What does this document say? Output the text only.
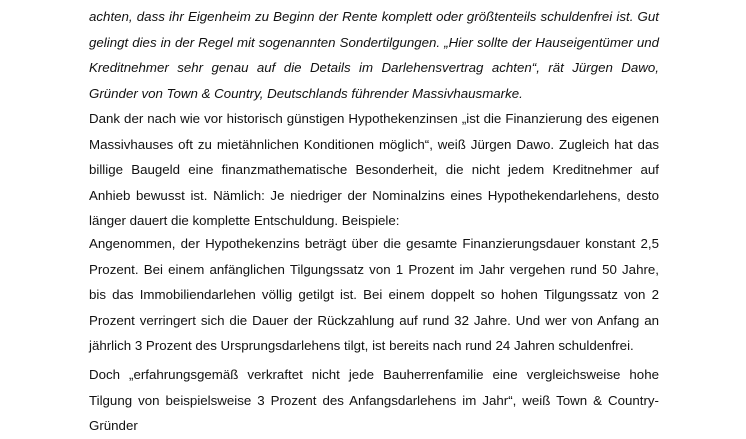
achten, dass ihr Eigenheim zu Beginn der Rente komplett oder größtenteils schuldenfrei ist. Gut gelingt dies in der Regel mit sogenannten Sondertilgungen. „Hier sollte der Hauseigentümer und Kreditnehmer sehr genau auf die Details im Darlehensvertrag achten“, rät Jürgen Dawo, Gründer von Town & Country, Deutschlands führender Massivhausmarke.

Dank der nach wie vor historisch günstigen Hypothekenzinsen „ist die Finanzierung des eigenen Massivhauses oft zu mietähnlichen Konditionen möglich“, weiß Jürgen Dawo. Zugleich hat das billige Baugeld eine finanzmathematische Besonderheit, die nicht jedem Kreditnehmer auf Anhieb bewusst ist. Nämlich: Je niedriger der Nominalzins eines Hypothekendarlehens, desto länger dauert die komplette Entschuldung. Beispiele:

Angenommen, der Hypothekenzins beträgt über die gesamte Finanzierungsdauer konstant 2,5 Prozent. Bei einem anfänglichen Tilgungssatz von 1 Prozent im Jahr vergehen rund 50 Jahre, bis das Immobiliendarlehen völlig getilgt ist. Bei einem doppelt so hohen Tilgungssatz von 2 Prozent verringert sich die Dauer der Rückzahlung auf rund 32 Jahre. Und wer von Anfang an jährlich 3 Prozent des Ursprungsdarlehens tilgt, ist bereits nach rund 24 Jahren schuldenfrei.

Doch „erfahrungsgemäß verkraftet nicht jede Bauherrenfamilie eine vergleichsweise hohe Tilgung von beispielsweise 3 Prozent des Anfangsdarlehens im Jahr“, weiß Town & Country-Gründer
